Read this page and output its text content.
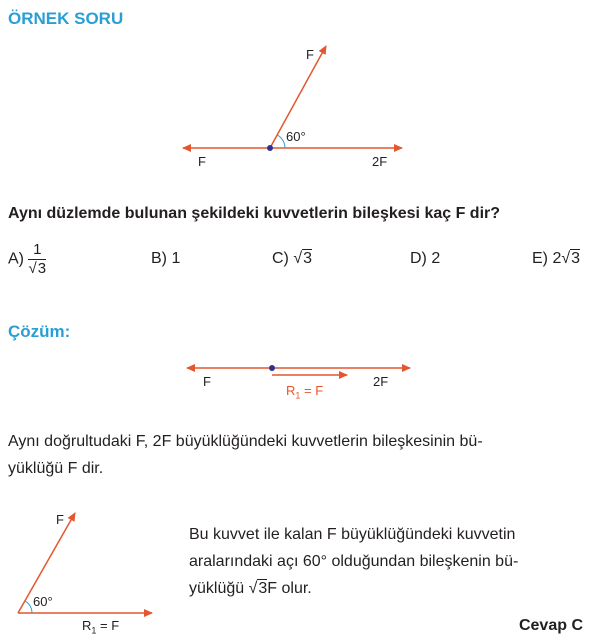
ÖRNEK SORU
F
60°
F	2F
Aynı düzlemde bulunan şekildeki kuvvetlerin bileşkesi kaç F dir?
$A) \frac{1}{√3}$	B) 1	C) √3	D) 2	E) 2√3
Çözüm:
F	2F
$R_1 = F$
Aynı doğrultudaki F, 2F büyüklüğündeki kuvvetlerin bileşkesinin bü-
yüklüğü F dir.
F
60°
$R_1 = F$
Bu kuvvet ile kalan F büyüklüğündeki kuvvetin
aralarındaki açı 60° olduğundan bileşkenin bü-
yüklüğü √3F olur.
Cevap C
